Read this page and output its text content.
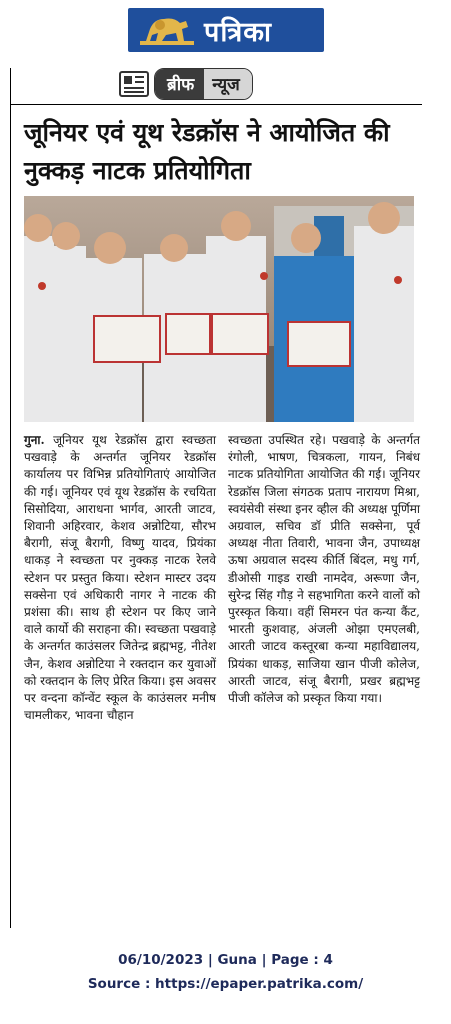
पत्रिका
ब्रीफ	न्यूज
जूनियर एवं यूथ रेडक्रॉस ने आयोजित की नुक्कड़ नाटक प्रतियोगिता

गुना. जूनियर यूथ रेडक्रॉस द्वारा स्वच्छता पखवाड़े के अन्तर्गत जूनियर रेडक्रॉस कार्यालय पर विभिन्न प्रतियोगिताएं आयोजित की गई। जूनियर एवं यूथ रेडक्रॉस के रचयिता सिसोदिया, आराधना भार्गव, आरती जाटव, शिवानी अहिरवार, केशव अन्नोटिया, सौरभ बैरागी, संजू बैरागी, विष्णु यादव, प्रियंका धाकड़ ने स्वच्छता पर नुक्कड़ नाटक रेलवे स्टेशन पर प्रस्तुत किया। स्टेशन मास्टर उदय सक्सेना एवं अधिकारी नागर ने नाटक की प्रशंसा की। साथ ही स्टेशन पर किए जाने वाले कार्यो की सराहना की। स्वच्छता पखवाड़े के अन्तर्गत काउंसलर जितेन्द्र ब्रह्मभट्ट, नीतेश जैन, केशव अन्नोटिया ने रक्तदान कर युवाओं को रक्तदान के लिए प्रेरित किया। इस अवसर पर वन्दना कॉन्वेंट स्कूल के काउंसलर मनीष चामलीकर, भावना चौहान

स्वच्छता उपस्थित रहे। पखवाड़े के अन्तर्गत रंगोली, भाषण, चित्रकला, गायन, निबंध नाटक प्रतियोगिता आयोजित की गई। जूनियर रेडक्रॉस जिला संगठक प्रताप नारायण मिश्रा, स्वयंसेवी संस्था इनर व्हील की अध्यक्ष पूर्णिमा अग्रवाल, सचिव डॉ प्रीति सक्सेना, पूर्व अध्यक्ष नीता तिवारी, भावना जैन, उपाध्यक्ष ऊषा अग्रवाल सदस्य कीर्ति बिंदल, मधु गर्ग, डीओसी गाइड राखी नामदेव, अरूणा जैन, सुरेन्द्र सिंह गौड़ ने सहभागिता करने वालों को पुरस्कृत किया। वहीं सिमरन पंत कन्या कैंट, भारती कुशवाह, अंजली ओझा एमएलबी, आरती जाटव कस्तूरबा कन्या महाविद्यालय, प्रियंका धाकड़, साजिया खान पीजी कोलेज, आरती जाटव, संजू बैरागी, प्रखर ब्रह्मभट्ट पीजी कॉलेज को प्रस्कृत किया गया।

06/10/2023 | Guna | Page : 4
Source : https://epaper.patrika.com/
